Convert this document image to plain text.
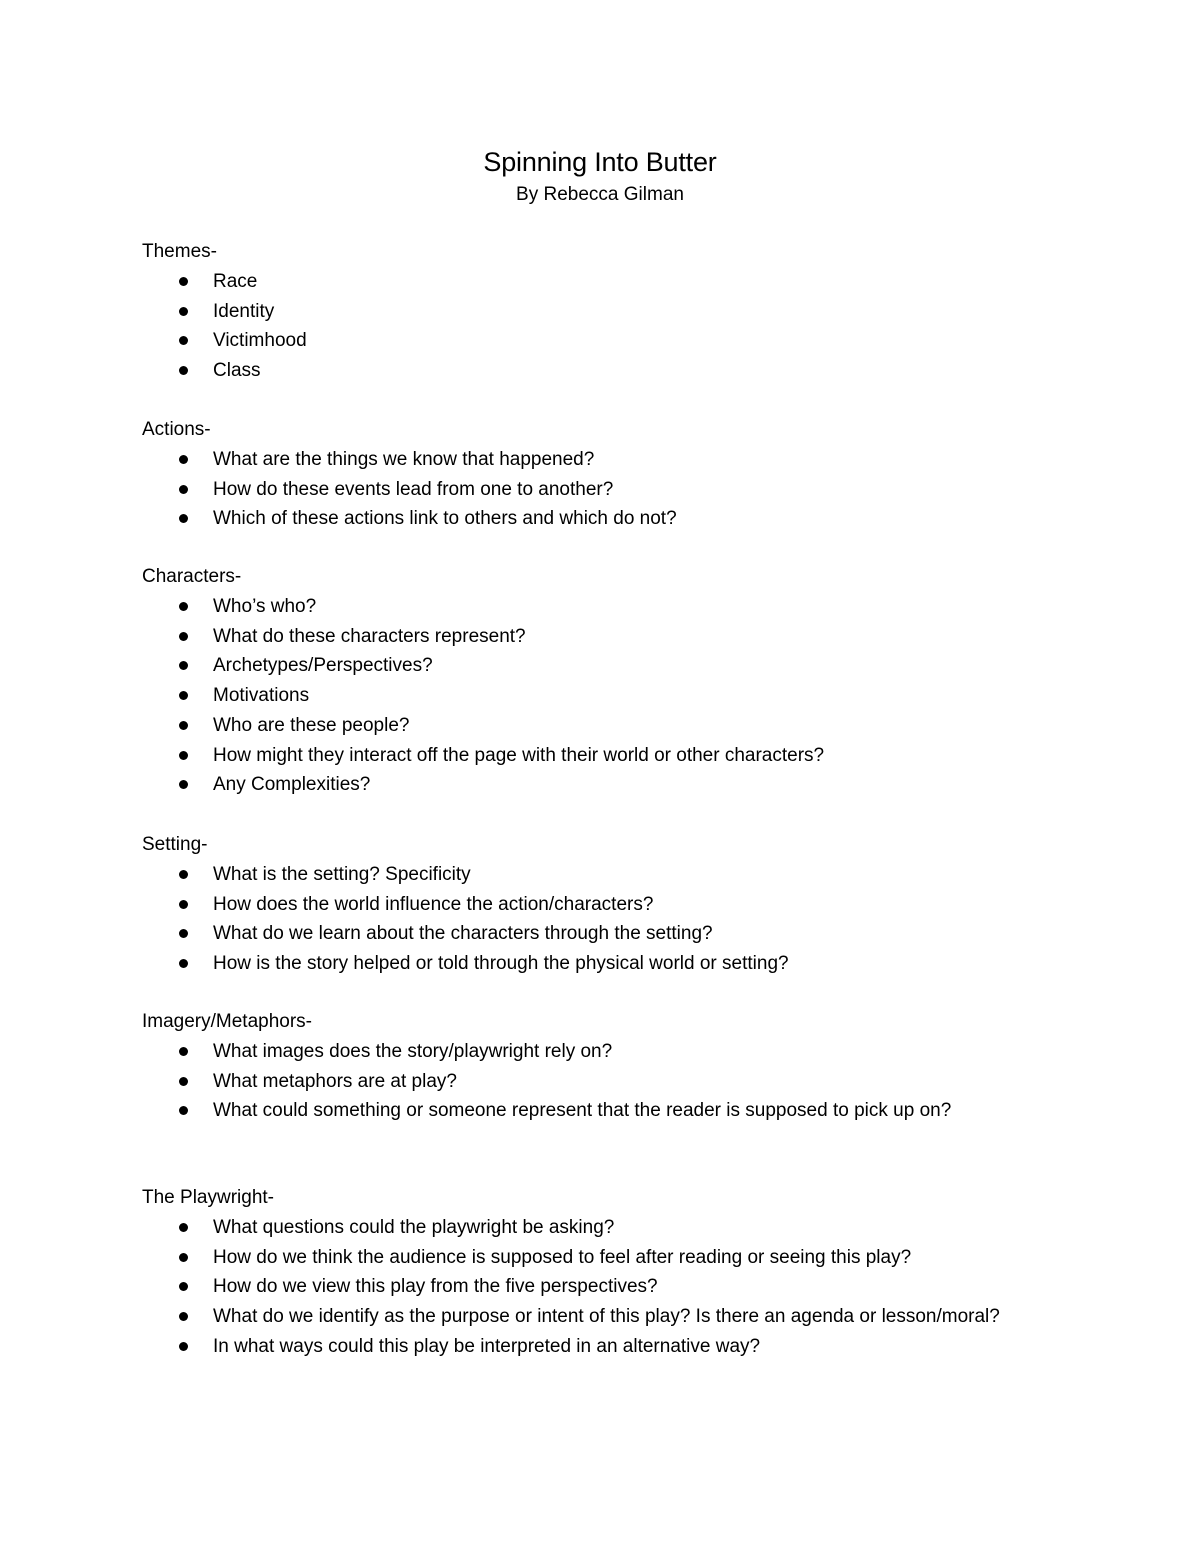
Spinning Into Butter
By Rebecca Gilman
Themes-
Race
Identity
Victimhood
Class
Actions-
What are the things we know that happened?
How do these events lead from one to another?
Which of these actions link to others and which do not?
Characters-
Who’s who?
What do these characters represent?
Archetypes/Perspectives?
Motivations
Who are these people?
How might they interact off the page with their world or other characters?
Any Complexities?
Setting-
What is the setting? Specificity
How does the world influence the action/characters?
What do we learn about the characters through the setting?
How is the story helped or told through the physical world or setting?
Imagery/Metaphors-
What images does the story/playwright rely on?
What metaphors are at play?
What could something or someone represent that the reader is supposed to pick up on?
The Playwright-
What questions could the playwright be asking?
How do we think the audience is supposed to feel after reading or seeing this play?
How do we view this play from the five perspectives?
What do we identify as the purpose or intent of this play? Is there an agenda or lesson/moral?
In what ways could this play be interpreted in an alternative way?
